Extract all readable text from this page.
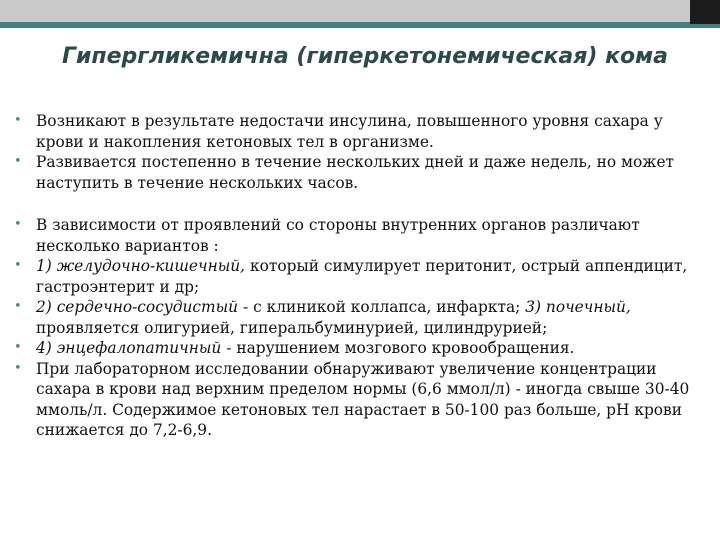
Гипергликемична (гиперкетонемическая) кома
• Возникают в результате недостачи инсулина, повышенного уровня сахара у крови и накопления кетоновых тел в организме.
• Развивается постепенно в течение нескольких дней и даже недель, но может наступить в течение нескольких часов.
• В зависимости от проявлений со стороны внутренних органов различают несколько вариантов :
• 1) желудочно-кишечный, который симулирует перитонит, острый аппендицит, гастроэнтерит и др;
• 2) сердечно-сосудистый - с клиникой коллапса, инфаркта; 3) почечный, проявляется олигурией, гиперальбуминурией, цилиндрурией;
• 4) энцефалопатичный - нарушением мозгового кровообращения.
• При лабораторном исследовании обнаруживают увеличение концентрации сахара в крови над верхним пределом нормы (6,6 ммол/л) - иногда свыше 30-40 ммоль/л. Содержимое кетоновых тел нарастает в 50-100 раз больше, рН крови снижается до 7,2-6,9.
